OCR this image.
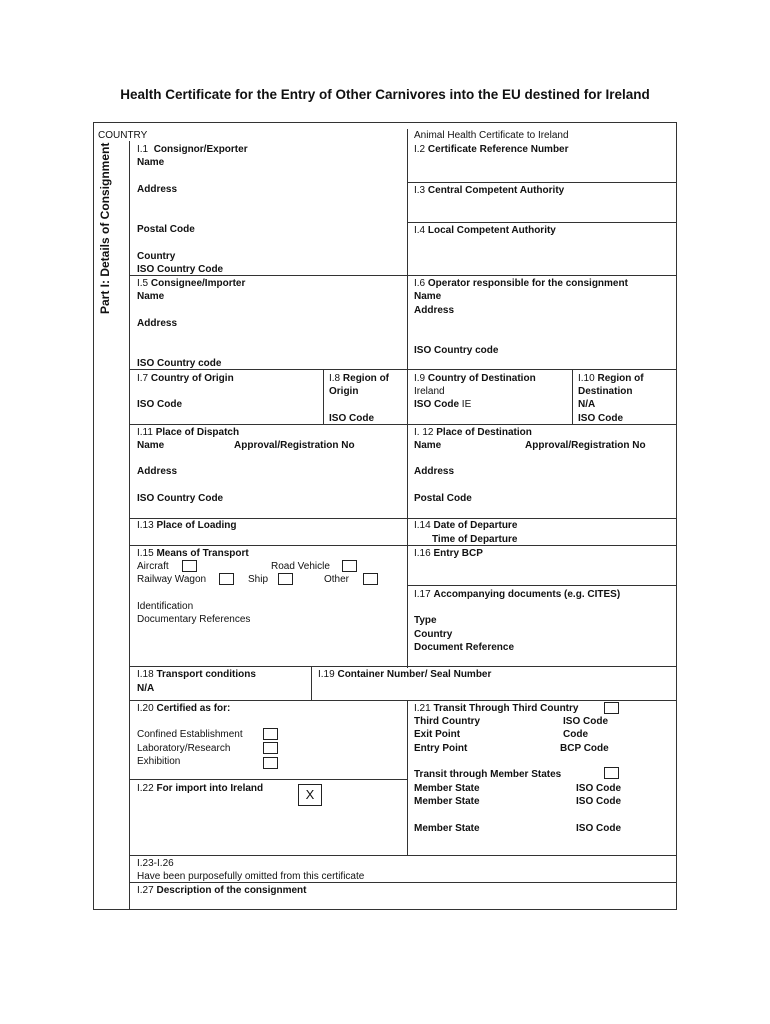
Health Certificate for the Entry of Other Carnivores into the EU destined for Ireland
Part I: Details of Consignment
COUNTRY	Animal Health Certificate to Ireland
I.1 Consignor/Exporter
Name
Address
Postal Code
Country
ISO Country Code
I.2 Certificate Reference Number
I.3 Central Competent Authority
I.4 Local Competent Authority
I.5 Consignee/Importer
Name
Address
ISO Country code
I.6 Operator responsible for the consignment
Name
Address
ISO Country code
I.7 Country of Origin
ISO Code
I.8 Region of
Origin
ISO Code
I.9 Country of Destination
Ireland
ISO Code IE
I.10 Region of
Destination
N/A
ISO Code
I.11 Place of Dispatch
Name	Approval/Registration No
Address
ISO Country Code
I. 12 Place of Destination
Name	Approval/Registration No
Address
Postal Code
I.13 Place of Loading	I.14 Date of Departure
Time of Departure
I.15 Means of Transport
Aircraft	Road Vehicle
Railway Wagon	Ship	Other
Identification
Documentary References
I.16 Entry BCP
I.17 Accompanying documents (e.g. CITES)
Type
Country
Document Reference
I.18 Transport conditions
N/A
I.19 Container Number/ Seal Number
I.20 Certified as for:
Confined Establishment
Laboratory/Research
Exhibition
I.22 For import into Ireland	X
I.21 Transit Through Third Country
Third Country	ISO Code
Exit Point	Code
Entry Point	BCP Code
Transit through Member States
Member State	ISO Code
Member State	ISO Code
Member State	ISO Code
I.23-I.26
Have been purposefully omitted from this certificate
I.27 Description of the consignment
